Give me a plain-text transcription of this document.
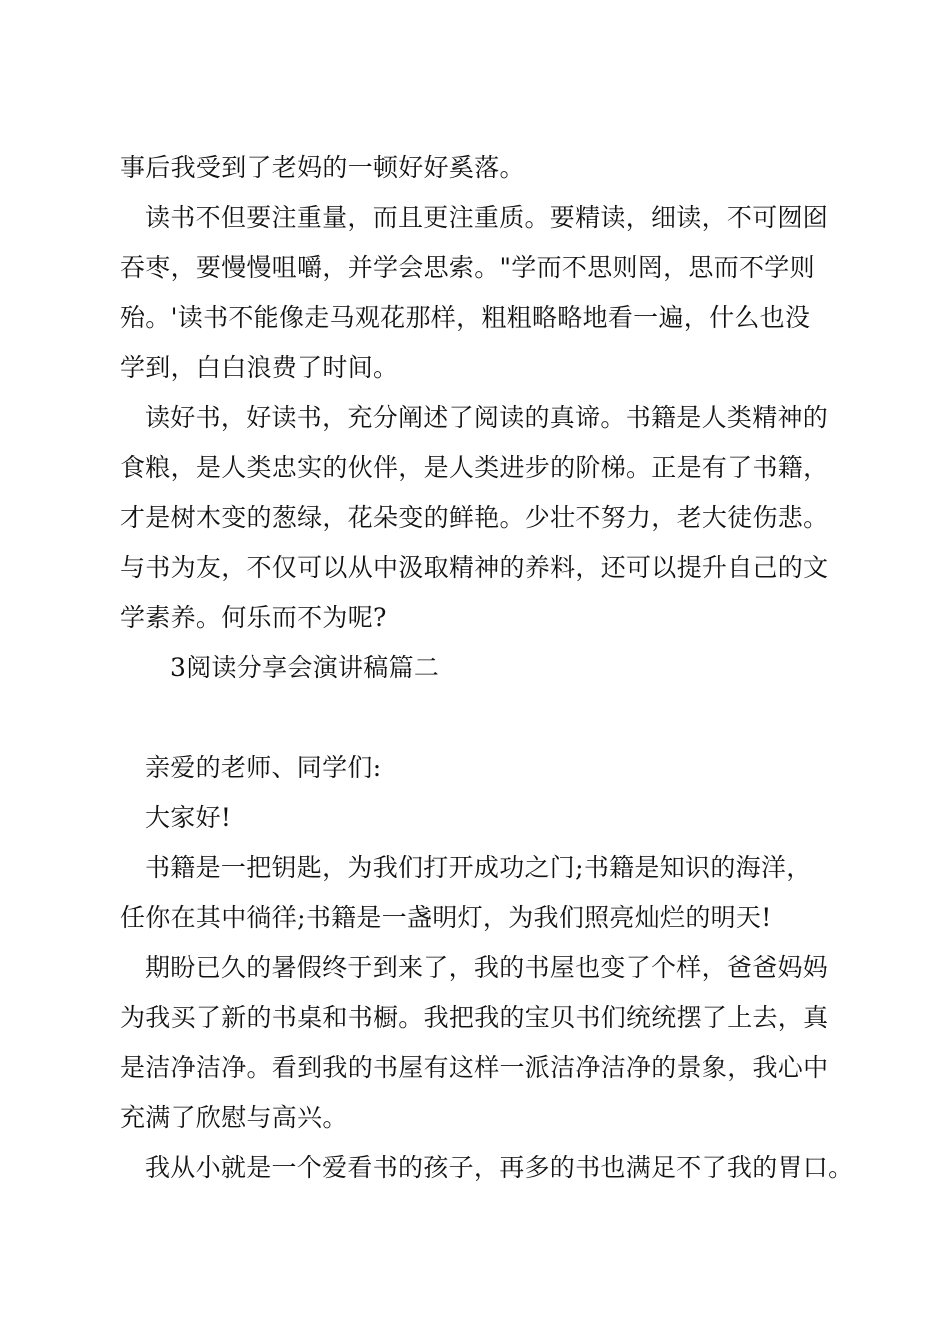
事后我受到了老妈的一顿好好奚落。
读书不但要注重量，而且更注重质。要精读，细读，不可囫囵
吞枣，要慢慢咀嚼，并学会思索。"学而不思则罔，思而不学则
殆。'读书不能像走马观花那样，粗粗略略地看一遍，什么也没
学到，白白浪费了时间。
读好书，好读书，充分阐述了阅读的真谛。书籍是人类精神的
食粮，是人类忠实的伙伴，是人类进步的阶梯。正是有了书籍，
才是树木变的葱绿，花朵变的鲜艳。少壮不努力，老大徒伤悲。
与书为友，不仅可以从中汲取精神的养料，还可以提升自己的文
学素养。何乐而不为呢?
3阅读分享会演讲稿篇二
亲爱的老师、同学们:
大家好!
书籍是一把钥匙，为我们打开成功之门;书籍是知识的海洋，
任你在其中徜徉;书籍是一盏明灯，为我们照亮灿烂的明天!
期盼已久的暑假终于到来了，我的书屋也变了个样，爸爸妈妈
为我买了新的书桌和书橱。我把我的宝贝书们统统摆了上去，真
是洁净洁净。看到我的书屋有这样一派洁净洁净的景象，我心中
充满了欣慰与高兴。
我从小就是一个爱看书的孩子，再多的书也满足不了我的胃口。
